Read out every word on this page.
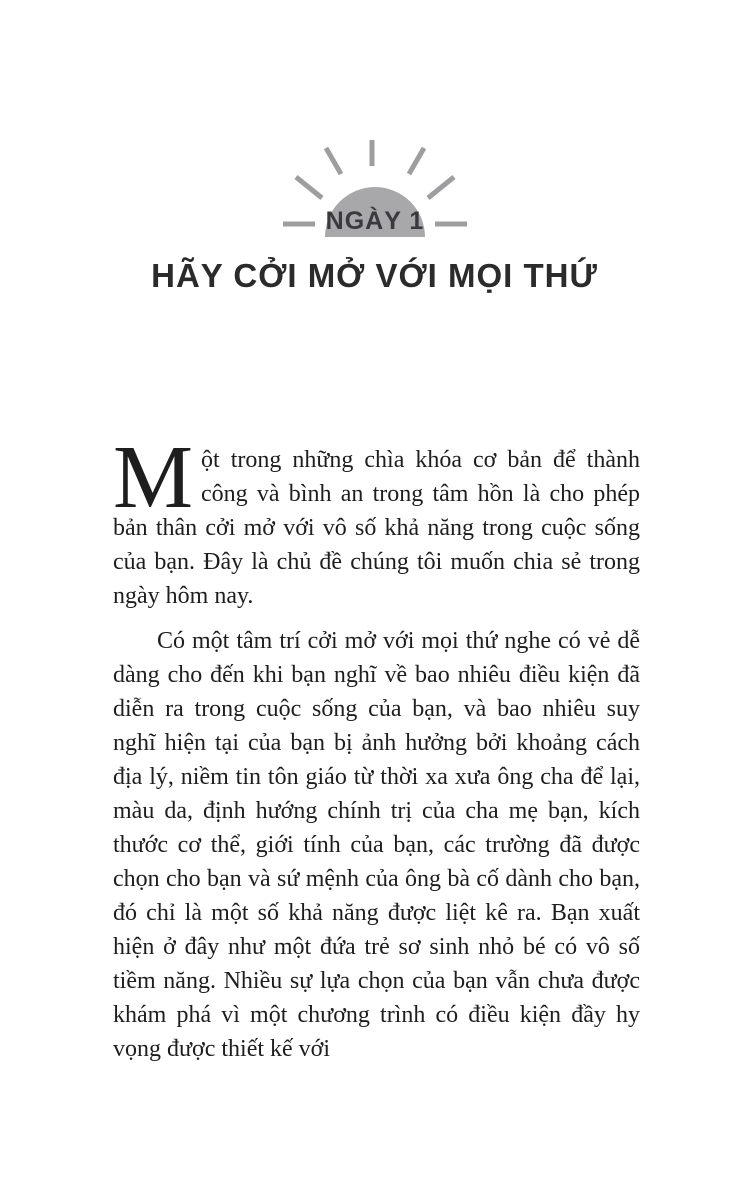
NGÀY 1
HÃY CỞI MỞ VỚI MỌI THỨ

Một trong những chìa khóa cơ bản để thành công và bình an trong tâm hồn là cho phép bản thân cởi mở với vô số khả năng trong cuộc sống của bạn. Đây là chủ đề chúng tôi muốn chia sẻ trong ngày hôm nay.

Có một tâm trí cởi mở với mọi thứ nghe có vẻ dễ dàng cho đến khi bạn nghĩ về bao nhiêu điều kiện đã diễn ra trong cuộc sống của bạn, và bao nhiêu suy nghĩ hiện tại của bạn bị ảnh hưởng bởi khoảng cách địa lý, niềm tin tôn giáo từ thời xa xưa ông cha để lại, màu da, định hướng chính trị của cha mẹ bạn, kích thước cơ thể, giới tính của bạn, các trường đã được chọn cho bạn và sứ mệnh của ông bà cố dành cho bạn, đó chỉ là một số khả năng được liệt kê ra. Bạn xuất hiện ở đây như một đứa trẻ sơ sinh nhỏ bé có vô số tiềm năng. Nhiều sự lựa chọn của bạn vẫn chưa được khám phá vì một chương trình có điều kiện đầy hy vọng được thiết kế với
